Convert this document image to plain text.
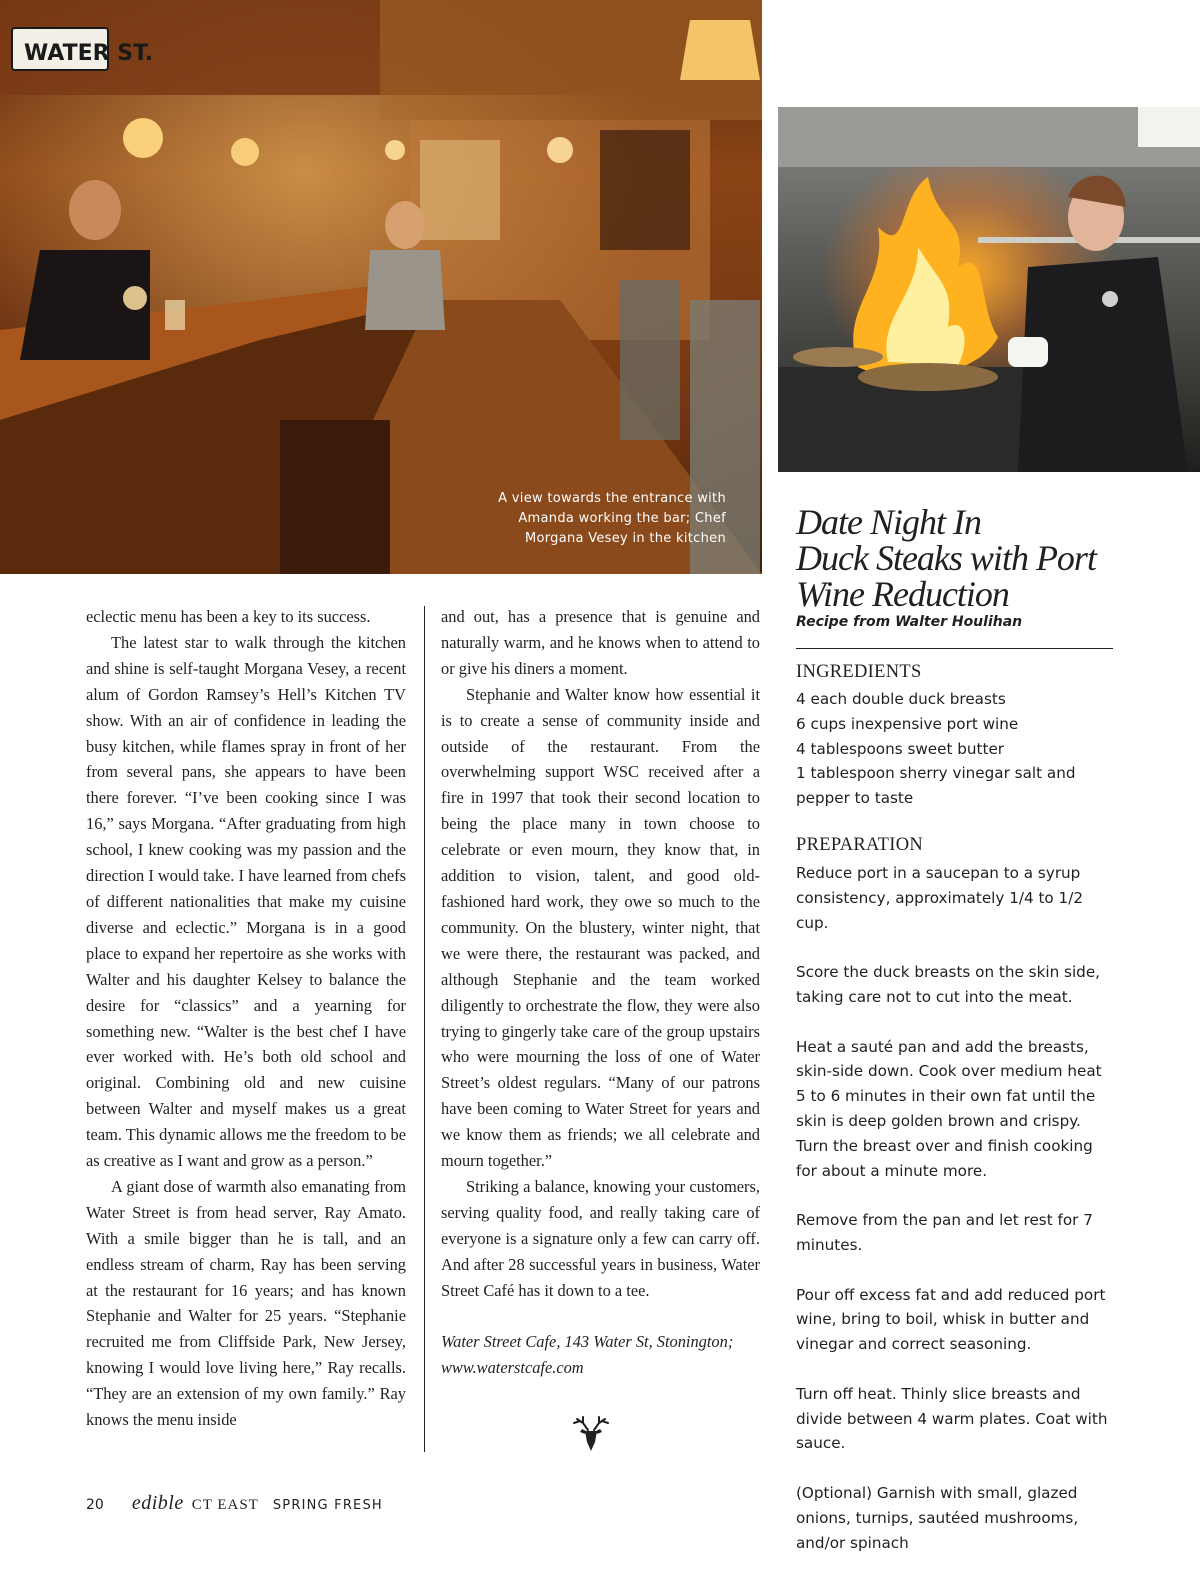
WATER ST.
A view towards the entrance with Amanda working the bar; Chef Morgana Vesey in the kitchen

eclectic menu has been a key to its success.

The latest star to walk through the kitchen and shine is self-taught Morgana Vesey, a recent alum of Gordon Ramsey’s Hell’s Kitchen TV show. With an air of confidence in leading the busy kitchen, while flames spray in front of her from several pans, she appears to have been there forever. “I’ve been cooking since I was 16,” says Morgana. “After graduating from high school, I knew cooking was my passion and the direction I would take. I have learned from chefs of different nationalities that make my cuisine diverse and eclectic.” Morgana is in a good place to expand her repertoire as she works with Walter and his daughter Kelsey to balance the desire for “classics” and a yearning for something new. “Walter is the best chef I have ever worked with. He’s both old school and original. Combining old and new cuisine between Walter and myself makes us a great team. This dynamic allows me the freedom to be as creative as I want and grow as a person.”

A giant dose of warmth also emanating from Water Street is from head server, Ray Amato. With a smile bigger than he is tall, and an endless stream of charm, Ray has been serving at the restaurant for 16 years; and has known Stephanie and Walter for 25 years. “Stephanie recruited me from Cliffside Park, New Jersey, knowing I would love living here,” Ray recalls. “They are an extension of my own family.” Ray knows the menu inside

and out, has a presence that is genuine and naturally warm, and he knows when to attend to or give his diners a moment.

Stephanie and Walter know how essential it is to create a sense of community inside and outside of the restaurant. From the overwhelming support WSC received after a fire in 1997 that took their second location to being the place many in town choose to celebrate or even mourn, they know that, in addition to vision, talent, and good old-fashioned hard work, they owe so much to the community. On the blustery, winter night, that we were there, the restaurant was packed, and although Stephanie and the team worked diligently to orchestrate the flow, they were also trying to gingerly take care of the group upstairs who were mourning the loss of one of Water Street’s oldest regulars. “Many of our patrons have been coming to Water Street for years and we know them as friends; we all celebrate and mourn together.”

Striking a balance, knowing your customers, serving quality food, and really taking care of everyone is a signature only a few can carry off. And after 28 successful years in business, Water Street Café has it down to a tee.

Water Street Cafe, 143 Water St, Stonington;
www.waterstcafe.com

Date Night In
Duck Steaks with Port
Wine Reduction
Recipe from Walter Houlihan
INGREDIENTS
4 each double duck breasts
6 cups inexpensive port wine
4 tablespoons sweet butter
1 tablespoon sherry vinegar salt and pepper to taste
PREPARATION

Reduce port in a saucepan to a syrup consistency, approximately 1/4 to 1/2 cup.

Score the duck breasts on the skin side, taking care not to cut into the meat.

Heat a sauté pan and add the breasts, skin-side down. Cook over medium heat 5 to 6 minutes in their own fat until the skin is deep golden brown and crispy. Turn the breast over and finish cooking for about a minute more.

Remove from the pan and let rest for 7 minutes.

Pour off excess fat and add reduced port wine, bring to boil, whisk in butter and vinegar and correct seasoning.

Turn off heat. Thinly slice breasts and divide between 4 warm plates. Coat with sauce.

(Optional) Garnish with small, glazed onions, turnips, sautéed mushrooms, and/or spinach

20 edible CT EAST SPRING FRESH
